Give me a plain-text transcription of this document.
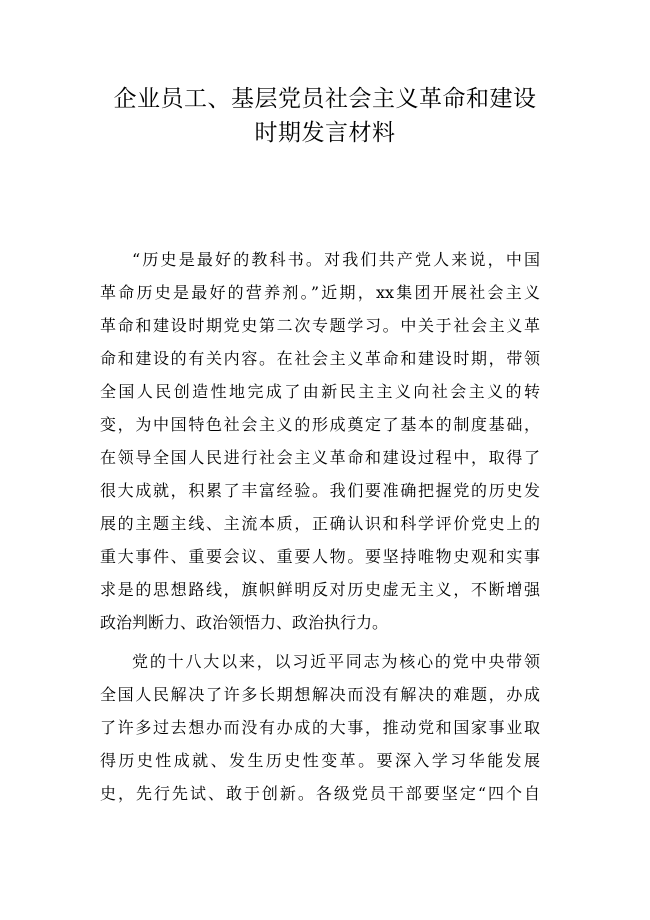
企业员工、基层党员社会主义革命和建设
时期发言材料
“历史是最好的教科书。对我们共产党人来说，中国
革命历史是最好的营养剂。”近期，xx集团开展社会主义
革命和建设时期党史第二次专题学习。中关于社会主义革
命和建设的有关内容。在社会主义革命和建设时期，带领
全国人民创造性地完成了由新民主主义向社会主义的转
变，为中国特色社会主义的形成奠定了基本的制度基础，
在领导全国人民进行社会主义革命和建设过程中，取得了
很大成就，积累了丰富经验。我们要准确把握党的历史发
展的主题主线、主流本质，正确认识和科学评价党史上的
重大事件、重要会议、重要人物。要坚持唯物史观和实事
求是的思想路线，旗帜鲜明反对历史虚无主义，不断增强
政治判断力、政治领悟力、政治执行力。
党的十八大以来，以习近平同志为核心的党中央带领
全国人民解决了许多长期想解决而没有解决的难题，办成
了许多过去想办而没有办成的大事，推动党和国家事业取
得历史性成就、发生历史性变革。要深入学习华能发展
史，先行先试、敢于创新。各级党员干部要坚定“四个自
